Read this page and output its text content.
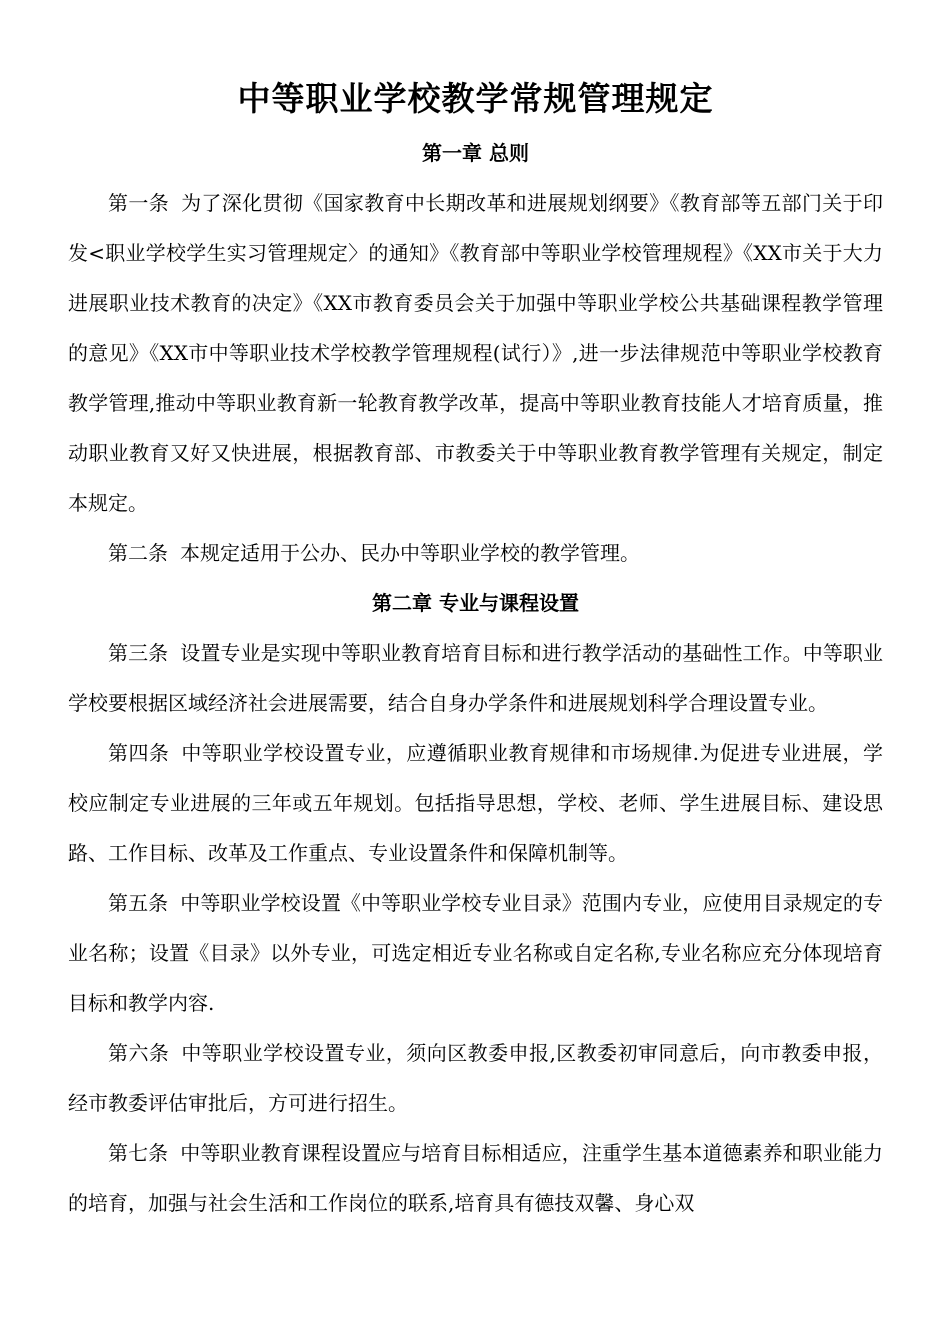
中等职业学校教学常规管理规定
第一章 总则

第一条 为了深化贯彻《国家教育中长期改革和进展规划纲要》《教育部等五部门关于印发<职业学校学生实习管理规定〉的通知》《教育部中等职业学校管理规程》《XX市关于大力进展职业技术教育的决定》《XX市教育委员会关于加强中等职业学校公共基础课程教学管理的意见》《XX市中等职业技术学校教学管理规程(试行）》,进一步法律规范中等职业学校教育教学管理,推动中等职业教育新一轮教育教学改革，提高中等职业教育技能人才培育质量，推动职业教育又好又快进展，根据教育部、市教委关于中等职业教育教学管理有关规定，制定本规定。

第二条 本规定适用于公办、民办中等职业学校的教学管理。

第二章 专业与课程设置

第三条 设置专业是实现中等职业教育培育目标和进行教学活动的基础性工作。中等职业学校要根据区域经济社会进展需要，结合自身办学条件和进展规划科学合理设置专业。

第四条 中等职业学校设置专业，应遵循职业教育规律和市场规律.为促进专业进展，学校应制定专业进展的三年或五年规划。包括指导思想，学校、老师、学生进展目标、建设思路、工作目标、改革及工作重点、专业设置条件和保障机制等。

第五条 中等职业学校设置《中等职业学校专业目录》范围内专业，应使用目录规定的专业名称；设置《目录》以外专业，可选定相近专业名称或自定名称,专业名称应充分体现培育目标和教学内容.

第六条 中等职业学校设置专业，须向区教委申报,区教委初审同意后，向市教委申报，经市教委评估审批后，方可进行招生。

第七条 中等职业教育课程设置应与培育目标相适应，注重学生基本道德素养和职业能力的培育，加强与社会生活和工作岗位的联系,培育具有德技双馨、身心双
